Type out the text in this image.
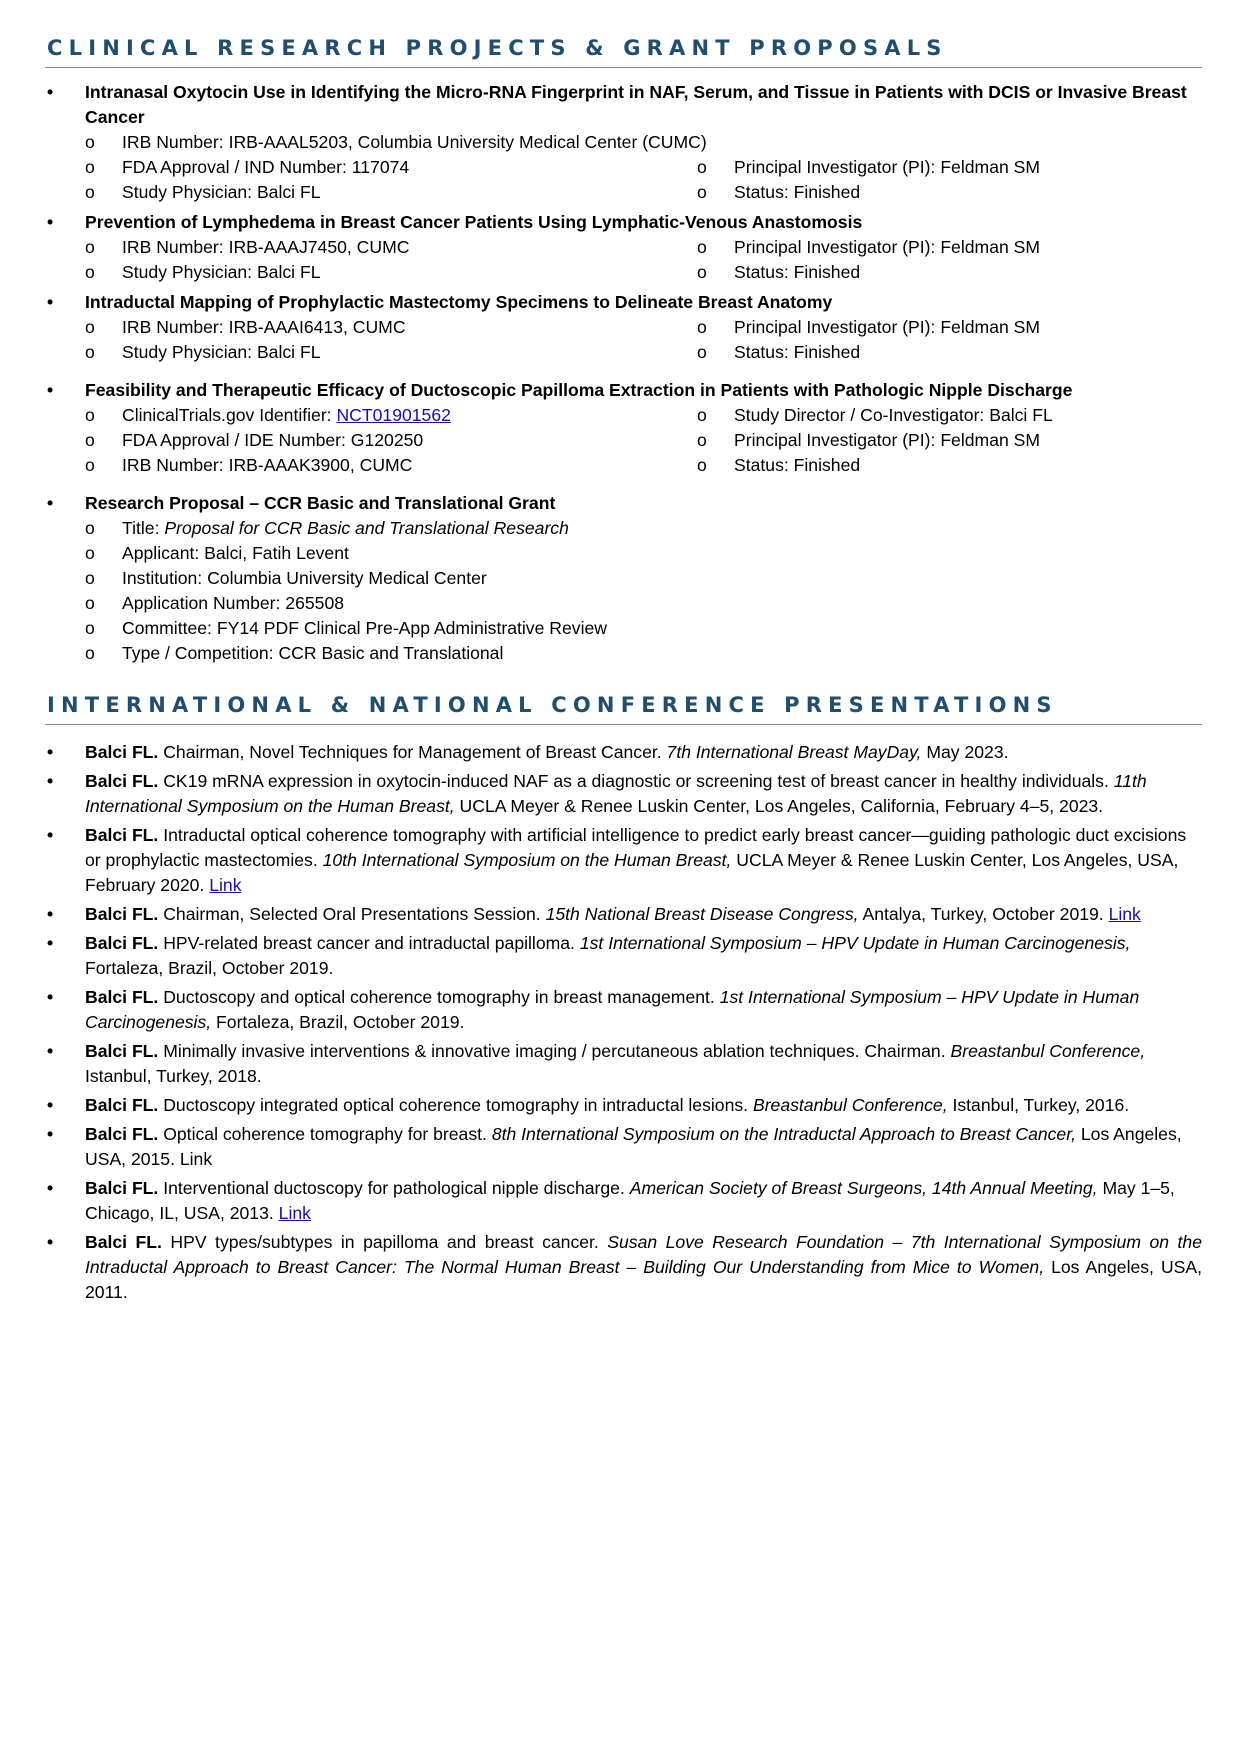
CLINICAL RESEARCH PROJECTS & GRANT PROPOSALS
• Intranasal Oxytocin Use in Identifying the Micro-RNA Fingerprint in NAF, Serum, and Tissue in Patients with DCIS or Invasive Breast Cancer
o IRB Number: IRB-AAAL5203, Columbia University Medical Center (CUMC)
o FDA Approval / IND Number: 117074	o Principal Investigator (PI): Feldman SM
o Study Physician: Balci FL	o Status: Finished
• Prevention of Lymphedema in Breast Cancer Patients Using Lymphatic-Venous Anastomosis
o IRB Number: IRB-AAAJ7450, CUMC	o Principal Investigator (PI): Feldman SM
o Study Physician: Balci FL	o Status: Finished
• Intraductal Mapping of Prophylactic Mastectomy Specimens to Delineate Breast Anatomy
o IRB Number: IRB-AAAI6413, CUMC	o Principal Investigator (PI): Feldman SM
o Study Physician: Balci FL	o Status: Finished
• Feasibility and Therapeutic Efficacy of Ductoscopic Papilloma Extraction in Patients with Pathologic Nipple Discharge
o ClinicalTrials.gov Identifier: NCT01901562	o Study Director / Co-Investigator: Balci FL
o FDA Approval / IDE Number: G120250	o Principal Investigator (PI): Feldman SM
o IRB Number: IRB-AAAK3900, CUMC	o Status: Finished
• Research Proposal – CCR Basic and Translational Grant
o Title: Proposal for CCR Basic and Translational Research
o Applicant: Balci, Fatih Levent
o Institution: Columbia University Medical Center
o Application Number: 265508
o Committee: FY14 PDF Clinical Pre-App Administrative Review
o Type / Competition: CCR Basic and Translational
INTERNATIONAL & NATIONAL CONFERENCE PRESENTATIONS
• Balci FL. Chairman, Novel Techniques for Management of Breast Cancer. 7th International Breast MayDay, May 2023.
• Balci FL. CK19 mRNA expression in oxytocin-induced NAF as a diagnostic or screening test of breast cancer in healthy individuals. 11th International Symposium on the Human Breast, UCLA Meyer & Renee Luskin Center, Los Angeles, California, February 4–5, 2023.
• Balci FL. Intraductal optical coherence tomography with artificial intelligence to predict early breast cancer—guiding pathologic duct excisions or prophylactic mastectomies. 10th International Symposium on the Human Breast, UCLA Meyer & Renee Luskin Center, Los Angeles, USA, February 2020. Link
• Balci FL. Chairman, Selected Oral Presentations Session. 15th National Breast Disease Congress, Antalya, Turkey, October 2019. Link
• Balci FL. HPV-related breast cancer and intraductal papilloma. 1st International Symposium – HPV Update in Human Carcinogenesis, Fortaleza, Brazil, October 2019.
• Balci FL. Ductoscopy and optical coherence tomography in breast management. 1st International Symposium – HPV Update in Human Carcinogenesis, Fortaleza, Brazil, October 2019.
• Balci FL. Minimally invasive interventions & innovative imaging / percutaneous ablation techniques. Chairman. Breastanbul Conference, Istanbul, Turkey, 2018.
• Balci FL. Ductoscopy integrated optical coherence tomography in intraductal lesions. Breastanbul Conference, Istanbul, Turkey, 2016.
• Balci FL. Optical coherence tomography for breast. 8th International Symposium on the Intraductal Approach to Breast Cancer, Los Angeles, USA, 2015. Link
• Balci FL. Interventional ductoscopy for pathological nipple discharge. American Society of Breast Surgeons, 14th Annual Meeting, May 1–5, Chicago, IL, USA, 2013. Link
• Balci FL. HPV types/subtypes in papilloma and breast cancer. Susan Love Research Foundation – 7th International Symposium on the Intraductal Approach to Breast Cancer: The Normal Human Breast – Building Our Understanding from Mice to Women, Los Angeles, USA, 2011.
